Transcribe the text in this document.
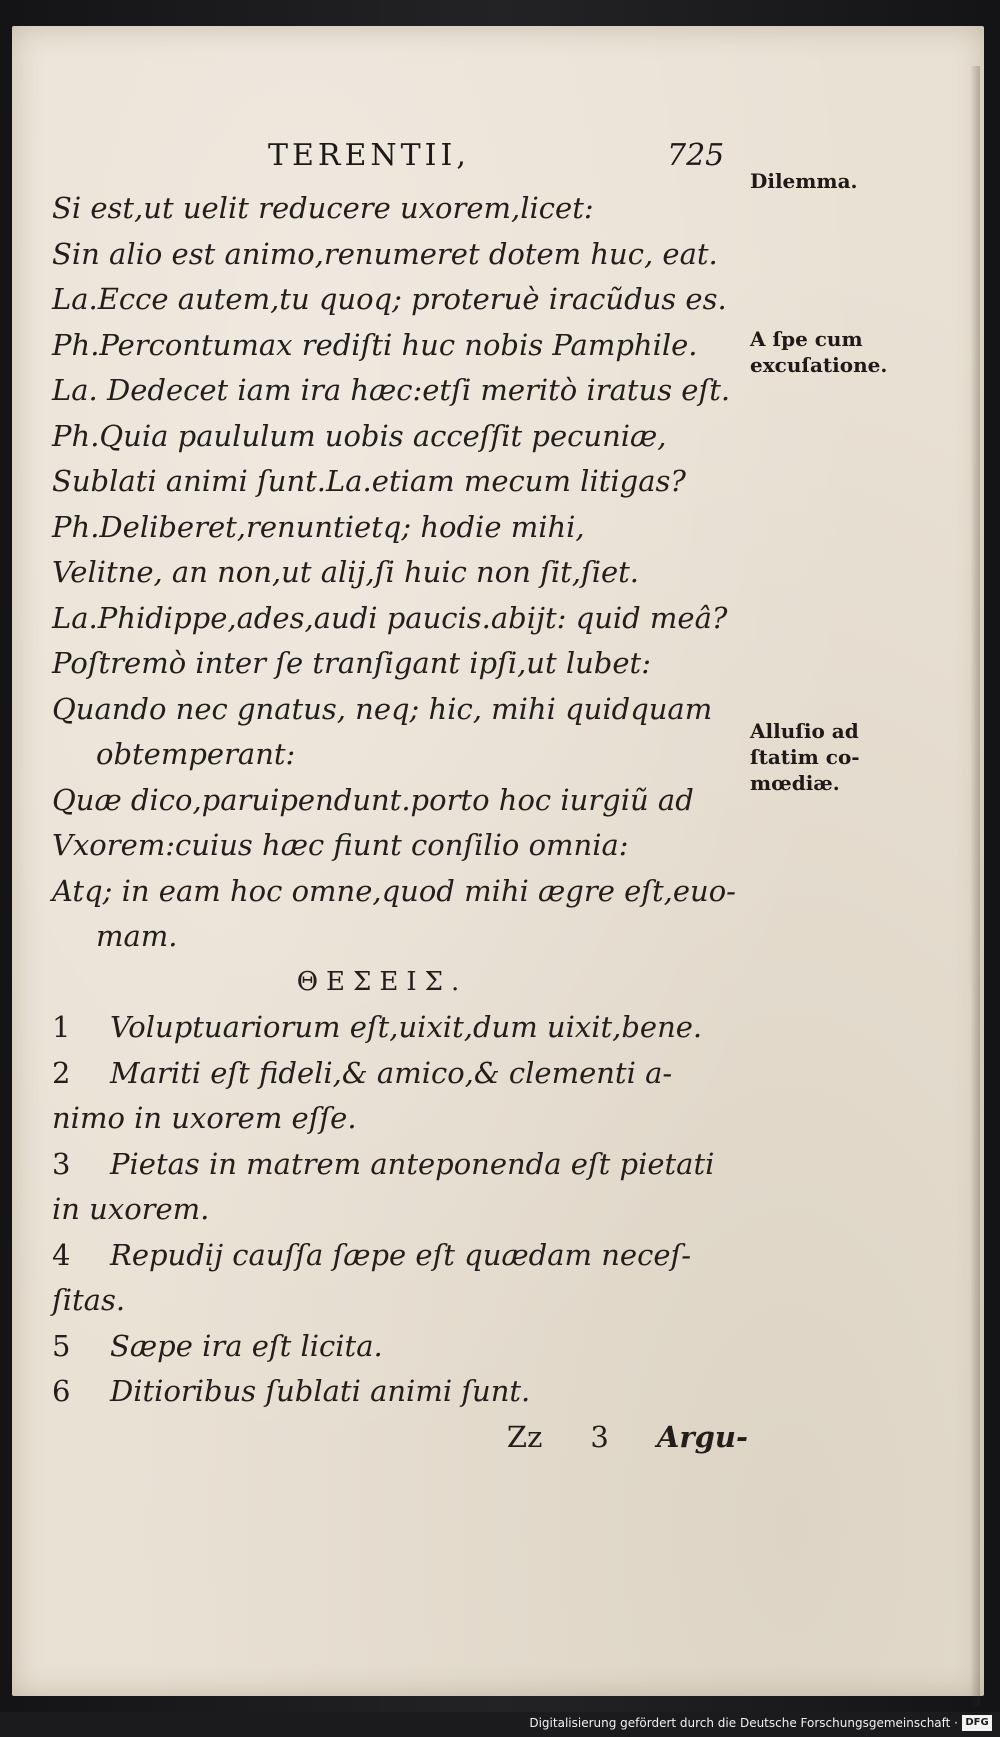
TERENTII,	725
Si est,ut uelit reducere uxorem,licet:
Sin alio est animo,renumeret dotem huc, eat.
La.Ecce autem,tu quoq; proteruè iracũdus es.
Ph.Percontumax rediſti huc nobis Pamphile.
La. Dedecet iam ira hæc:etſi meritò iratus eſt.
Ph.Quia paululum uobis acceſſit pecuniæ,
Sublati animi ſunt.La.etiam mecum litigas?
Ph.Deliberet,renuntietq; hodie mihi,
Velitne, an non,ut alij,ſi huic non ſit,ſiet.
La.Phidippe,ades,audi paucis.abijt: quid meâ?
Poſtremò inter ſe tranſigant ipſi,ut lubet:
Quando nec gnatus, neq; hic, mihi quidquam
obtemperant:
Quæ dico,paruipendunt.porto hoc iurgiũ ad
Vxorem:cuius hæc fiunt conſilio omnia:
Atq; in eam hoc omne,quod mihi ægre eſt,euo-
mam.
ΘΕΣΕΙΣ.
1	Voluptuariorum eſt,uixit,dum uixit,bene.
2	Mariti eſt fideli,& amico,& clementi a-
nimo in uxorem eſſe.
3	Pietas in matrem anteponenda eſt pietati
in uxorem.
4	Repudij cauſſa ſæpe eſt quædam neceſ-
ſitas.
5	Sæpe ira eſt licita.
6	Ditioribus ſublati animi ſunt.
Zz 3 Argu-
Dilemma.
A ſpe cum
excuſatione.
Alluſio ad
ſtatim co-
mœdiæ.
Digitalisierung gefördert durch die Deutsche Forschungsgemeinschaft · DFG
